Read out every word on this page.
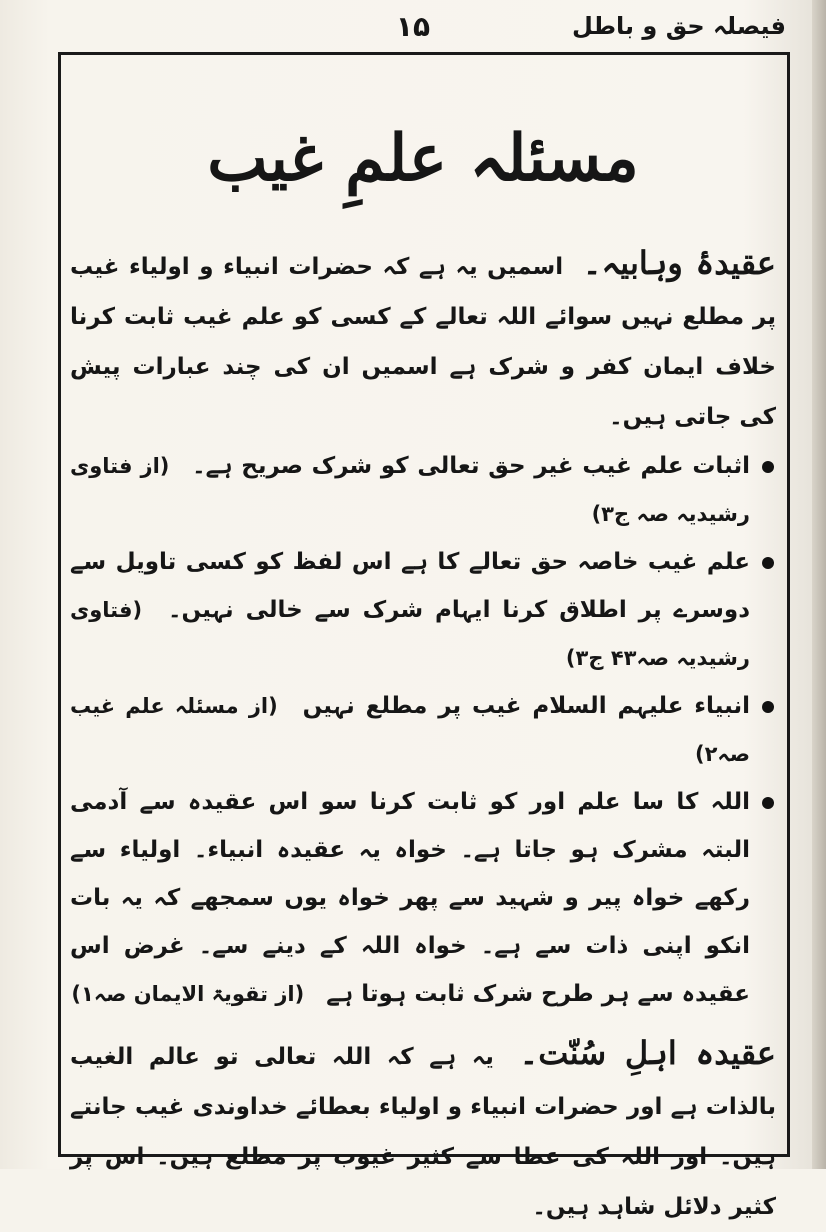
فیصلہ حق و باطل
۱۵
مسئلہ علمِ غیب

عقیدۂ وہابیہ۔ اسمیں یہ ہے کہ حضرات انبیاء و اولیاء غیب پر مطلع نہیں سوائے اللہ تعالے کے کسی کو علم غیب ثابت کرنا خلاف ایمان کفر و شرک ہے اسمیں ان کی چند عبارات پیش کی جاتی ہیں۔

اثبات علم غیب غیر حق تعالی کو شرک صریح ہے۔ (از فتاوی رشیدیہ صہ ج۳)

علم غیب خاصہ حق تعالے کا ہے اس لفظ کو کسی تاویل سے دوسرے پر اطلاق کرنا ایہام شرک سے خالی نہیں۔ (فتاوی رشیدیہ صہ۴۳ ج۳)

انبیاء علیہم السلام غیب پر مطلع نہیں (از مسئلہ علم غیب صہ۲)

اللہ کا سا علم اور کو ثابت کرنا سو اس عقیدہ سے آدمی البتہ مشرک ہو جاتا ہے۔ خواہ یہ عقیدہ انبیاء۔ اولیاء سے رکھے خواہ پیر و شہید سے پھر خواہ یوں سمجھے کہ یہ بات انکو اپنی ذات سے ہے۔ خواہ اللہ کے دینے سے۔ غرض اس عقیدہ سے ہر طرح شرک ثابت ہوتا ہے (از تقویۃ الایمان صہ۱)

عقیدہ اہلِ سُنّت۔ یہ ہے کہ اللہ تعالی تو عالم الغیب بالذات ہے اور حضرات انبیاء و اولیاء بعطائے خداوندی غیب جانتے ہیں۔ اور اللہ کی عطا سے کثیر غیوب پر مطلع ہیں۔ اس پر کثیر دلائل شاہد ہیں۔
